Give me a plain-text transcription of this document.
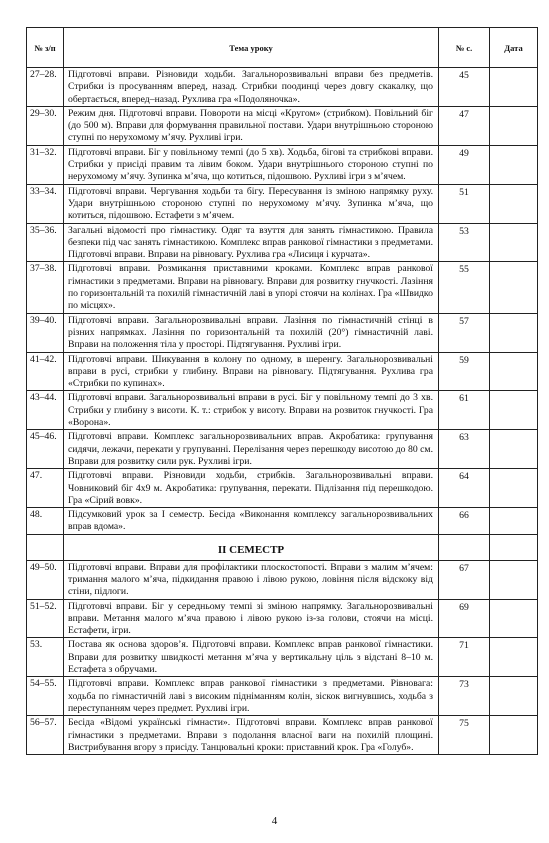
№ з/п	Тема уроку	№ с.	Дата
27–28.	Підготовчі вправи. Різновиди ходьби. Загальнорозвивальні вправи без предметів. Стрибки із просуванням вперед, назад. Стрибки поодинці через довгу скакалку, що обертається, вперед–назад. Рухлива гра «Подоляночка».	45	
29–30.	Режим дня. Підготовчі вправи. Повороти на місці «Кругом» (стрибком). Повільний біг (до 500 м). Вправи для формування правильної постави. Удари внутрішньою стороною ступні по нерухомому м’ячу. Рухливі ігри.	47	
31–32.	Підготовчі вправи. Біг у повільному темпі (до 5 хв). Ходьба, бігові та стрибкові вправи. Стрибки у присіді правим та лівим боком. Удари внутрішнього стороною ступні по нерухомому м’ячу. Зупинка м’яча, що котиться, підошвою. Рухливі ігри з м’ячем.	49	
33–34.	Підготовчі вправи. Чергування ходьби та бігу. Пересування із зміною напрямку руху. Удари внутрішньою стороною ступні по нерухомому м’ячу. Зупинка м’яча, що котиться, підошвою. Естафети з м’ячем.	51	
35–36.	Загальні відомості про гімнастику. Одяг та взуття для занять гімнастикою. Правила безпеки під час занять гімнастикою. Комплекс вправ ранкової гімнастики з предметами. Підготовчі вправи. Вправи на рівновагу. Рухлива гра «Лисиця і курчата».	53	
37–38.	Підготовчі вправи. Розмикання приставними кроками. Комплекс вправ ранкової гімнастики з предметами. Вправи на рівновагу. Вправи для розвитку гнучкості. Лазіння по горизонтальній та похилій гімнастичній лаві в упорі стоячи на колінах. Гра «Швидко по місцях».	55	
39–40.	Підготовчі вправи. Загальнорозвивальні вправи. Лазіння по гімнастичній стінці в різних напрямках. Лазіння по горизонтальній та похилій (20°) гімнастичній лаві. Вправи на положення тіла у просторі. Підтягування. Рухливі ігри.	57	
41–42.	Підготовчі вправи. Шикування в колону по одному, в шеренгу. Загальнорозвивальні вправи в русі, стрибки у глибину. Вправи на рівновагу. Підтягування. Рухлива гра «Стрибки по купинах».	59	
43–44.	Підготовчі вправи. Загальнорозвивальні вправи в русі. Біг у повільному темпі до 3 хв. Стрибки у глибину з висоти. К. т.: стрибок у висоту. Вправи на розвиток гнучкості. Гра «Ворона».	61	
45–46.	Підготовчі вправи. Комплекс загальнорозвивальних вправ. Акробатика: групування сидячи, лежачи, перекати у групуванні. Перелізання через перешкоду висотою до 80 см. Вправи для розвитку сили рук. Рухливі ігри.	63	
47.	Підготовчі вправи. Різновиди ходьби, стрибків. Загальнорозвивальні вправи. Човниковий біг 4х9 м. Акробатика: групування, перекати. Підлізання під перешкодою. Гра «Сірий вовк».	64	
48.	Підсумковий урок за I семестр. Бесіда «Виконання комплексу загальнорозвивальних вправ вдома».	66	
	II СЕМЕСТР		
49–50.	Підготовчі вправи. Вправи для профілактики плоскостопості. Вправи з малим м’ячем: тримання малого м’яча, підкидання правою і лівою рукою, ловіння після відскоку від стіни, підлоги.	67	
51–52.	Підготовчі вправи. Біг у середньому темпі зі зміною напрямку. Загальнорозвивальні вправи. Метання малого м’яча правою і лівою рукою із-за голови, стоячи на місці. Естафети, ігри.	69	
53.	Постава як основа здоров’я. Підготовчі вправи. Комплекс вправ ранкової гімнастики. Вправи для розвитку швидкості метання м’яча у вертикальну ціль з відстані 8–10 м. Естафета з обручами.	71	
54–55.	Підготовчі вправи. Комплекс вправ ранкової гімнастики з предметами. Рівновага: ходьба по гімнастичній лаві з високим підніманням колін, зіскок вигнувшись, ходьба з переступанням через предмет. Рухливі ігри.	73	
56–57.	Бесіда «Відомі українські гімнасти». Підготовчі вправи. Комплекс вправ ранкової гімнастики з предметами. Вправи з подолання власної ваги на похилій площині. Вистрибування вгору з присіду. Танцювальні кроки: приставний крок. Гра «Голуб».	75	
4
